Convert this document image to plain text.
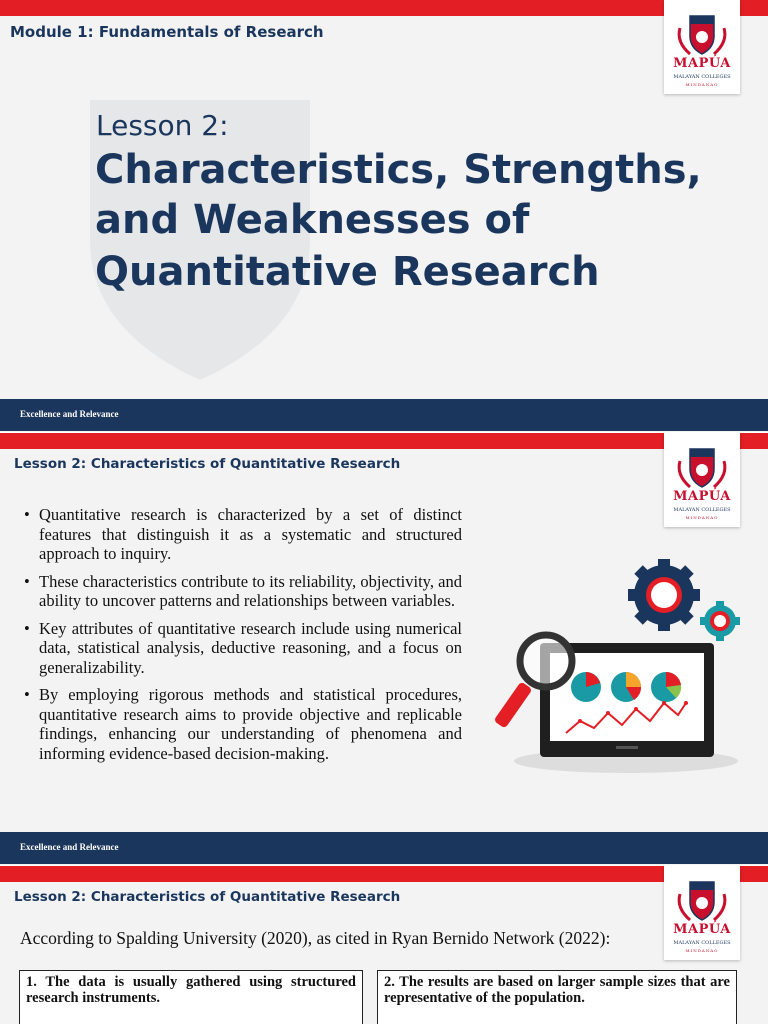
Module 1: Fundamentals of Research
MAPÚA
MALAYAN COLLEGES
MINDANAO
Lesson 2:
Characteristics, Strengths,
and Weaknesses of
Quantitative Research
Excellence and Relevance
Lesson 2: Characteristics of Quantitative Research
MAPÚA
MALAYAN COLLEGES
MINDANAO
• Quantitative research is characterized by a set of distinct features that distinguish it as a systematic and structured approach to inquiry.
• These characteristics contribute to its reliability, objectivity, and ability to uncover patterns and relationships between variables.
• Key attributes of quantitative research include using numerical data, statistical analysis, deductive reasoning, and a focus on generalizability.
• By employing rigorous methods and statistical procedures, quantitative research aims to provide objective and replicable findings, enhancing our understanding of phenomena and informing evidence-based decision-making.
Excellence and Relevance
Lesson 2: Characteristics of Quantitative Research
MAPÚA
MALAYAN COLLEGES
MINDANAO
According to Spalding University (2020), as cited in Ryan Bernido Network (2022):
1. The data is usually gathered using structured research instruments.
2. The results are based on larger sample sizes that are representative of the population.
